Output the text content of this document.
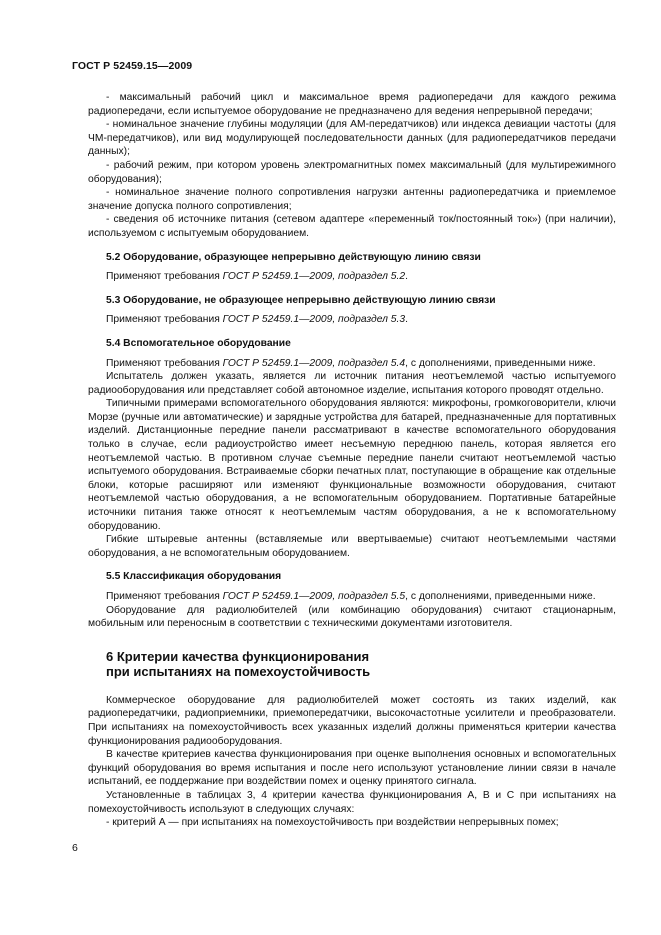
ГОСТ Р 52459.15—2009

- максимальный рабочий цикл и максимальное время радиопередачи для каждого режима радиопередачи, если испытуемое оборудование не предназначено для ведения непрерывной передачи;

- номинальное значение глубины модуляции (для АМ-передатчиков) или индекса девиации частоты (для ЧМ-передатчиков), или вид модулирующей последовательности данных (для радиопередатчиков передачи данных);

- рабочий режим, при котором уровень электромагнитных помех максимальный (для мультирежимного оборудования);

- номинальное значение полного сопротивления нагрузки антенны радиопередатчика и приемлемое значение допуска полного сопротивления;

- сведения об источнике питания (сетевом адаптере «переменный ток/постоянный ток») (при наличии), используемом с испытуемым оборудованием.

5.2 Оборудование, образующее непрерывно действующую линию связи

Применяют требования ГОСТ Р 52459.1—2009, подраздел 5.2.

5.3 Оборудование, не образующее непрерывно действующую линию связи

Применяют требования ГОСТ Р 52459.1—2009, подраздел 5.3.

5.4 Вспомогательное оборудование

Применяют требования ГОСТ Р 52459.1—2009, подраздел 5.4, с дополнениями, приведенными ниже.

Испытатель должен указать, является ли источник питания неотъемлемой частью испытуемого радиооборудования или представляет собой автономное изделие, испытания которого проводят отдельно.

Типичными примерами вспомогательного оборудования являются: микрофоны, громкоговорители, ключи Морзе (ручные или автоматические) и зарядные устройства для батарей, предназначенные для портативных изделий. Дистанционные передние панели рассматривают в качестве вспомогательного оборудования только в случае, если радиоустройство имеет несъемную переднюю панель, которая является его неотъемлемой частью. В противном случае съемные передние панели считают неотъемлемой частью испытуемого оборудования. Встраиваемые сборки печатных плат, поступающие в обращение как отдельные блоки, которые расширяют или изменяют функциональные возможности оборудования, считают неотъемлемой частью оборудования, а не вспомогательным оборудованием. Портативные батарейные источники питания также относят к неотъемлемым частям оборудования, а не к вспомогательному оборудованию.

Гибкие штыревые антенны (вставляемые или ввертываемые) считают неотъемлемыми частями оборудования, а не вспомогательным оборудованием.

5.5 Классификация оборудования

Применяют требования ГОСТ Р 52459.1—2009, подраздел 5.5, с дополнениями, приведенными ниже.

Оборудование для радиолюбителей (или комбинацию оборудования) считают стационарным, мобильным или переносным в соответствии с техническими документами изготовителя.

6 Критерии качества функционирования
при испытаниях на помехоустойчивость

Коммерческое оборудование для радиолюбителей может состоять из таких изделий, как радиопередатчики, радиоприемники, приемопередатчики, высокочастотные усилители и преобразователи. При испытаниях на помехоустойчивость всех указанных изделий должны применяться критерии качества функционирования радиооборудования.

В качестве критериев качества функционирования при оценке выполнения основных и вспомогательных функций оборудования во время испытания и после него используют установление линии связи в начале испытаний, ее поддержание при воздействии помех и оценку принятого сигнала.

Установленные в таблицах 3, 4 критерии качества функционирования А, В и С при испытаниях на помехоустойчивость используют в следующих случаях:

- критерий А — при испытаниях на помехоустойчивость при воздействии непрерывных помех;

6
